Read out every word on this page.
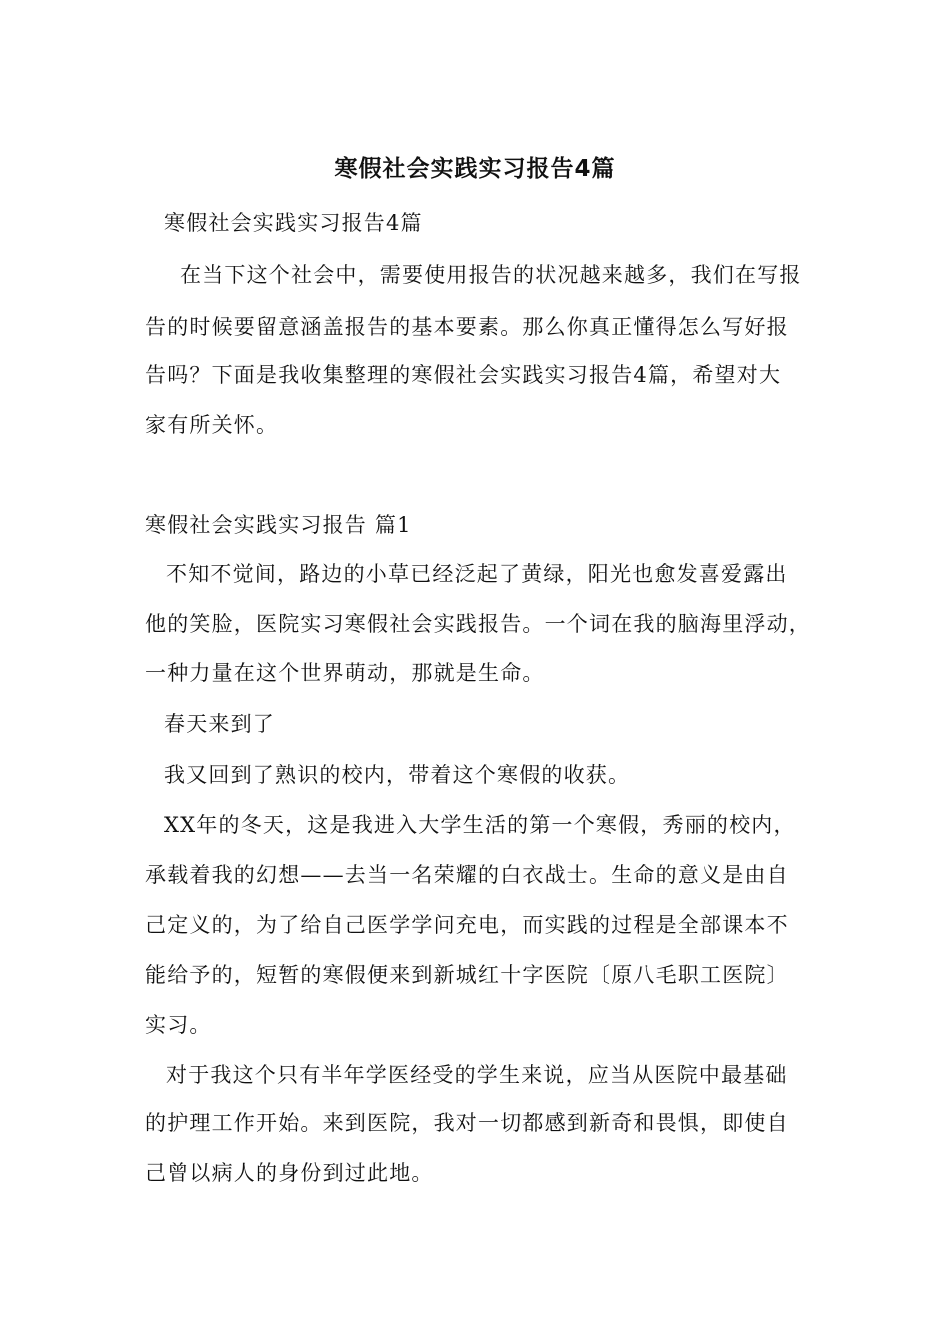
寒假社会实践实习报告4篇
寒假社会实践实习报告4篇
在当下这个社会中，需要使用报告的状况越来越多，我们在写报
告的时候要留意涵盖报告的基本要素。那么你真正懂得怎么写好报
告吗？下面是我收集整理的寒假社会实践实习报告4篇，希望对大
家有所关怀。
寒假社会实践实习报告 篇1
不知不觉间，路边的小草已经泛起了黄绿，阳光也愈发喜爱露出
他的笑脸，医院实习寒假社会实践报告。一个词在我的脑海里浮动，
一种力量在这个世界萌动，那就是生命。
春天来到了
我又回到了熟识的校内，带着这个寒假的收获。
XX年的冬天，这是我进入大学生活的第一个寒假，秀丽的校内，
承载着我的幻想——去当一名荣耀的白衣战士。生命的意义是由自
己定义的，为了给自己医学学问充电，而实践的过程是全部课本不
能给予的，短暂的寒假便来到新城红十字医院〔原八毛职工医院〕
实习。
对于我这个只有半年学医经受的学生来说，应当从医院中最基础
的护理工作开始。来到医院，我对一切都感到新奇和畏惧，即使自
己曾以病人的身份到过此地。
